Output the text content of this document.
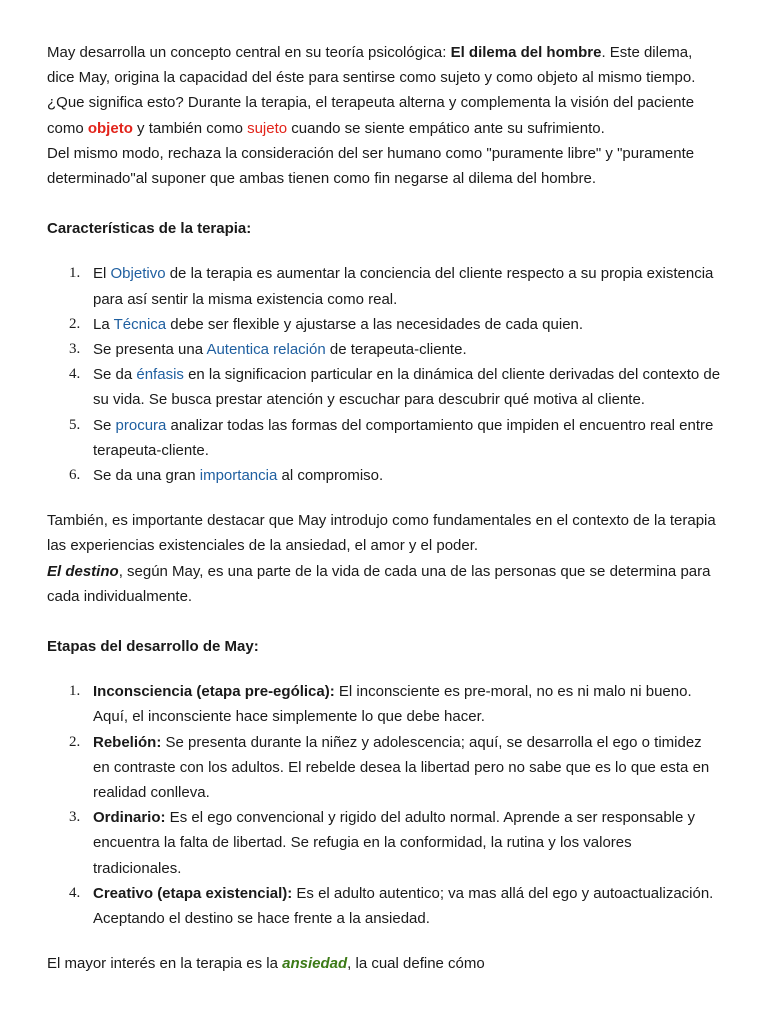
May desarrolla un concepto central en su teoría psicológica: El dilema del hombre. Este dilema, dice May, origina la capacidad del éste para sentirse como sujeto y como objeto al mismo tiempo. ¿Que significa esto? Durante la terapia, el terapeuta alterna y complementa la visión del paciente como objeto y también como sujeto cuando se siente empático ante su sufrimiento.
Del mismo modo, rechaza la consideración del ser humano como "puramente libre" y "puramente determinado"al suponer que ambas tienen como fin negarse al dilema del hombre.

Características de la terapia:
1. El Objetivo de la terapia es aumentar la conciencia del cliente respecto a su propia existencia para así sentir la misma existencia como real.
2. La Técnica debe ser flexible y ajustarse a las necesidades de cada quien.
3. Se presenta una Autentica relación de terapeuta-cliente.
4. Se da énfasis en la significacion particular en la dinámica del cliente derivadas del contexto de su vida. Se busca prestar atención y escuchar para descubrir qué motiva al cliente.
5. Se procura analizar todas las formas del comportamiento que impiden el encuentro real entre terapeuta-cliente.
6. Se da una gran importancia al compromiso.

También, es importante destacar que May introdujo como fundamentales en el contexto de la terapia las experiencias existenciales de la ansiedad, el amor y el poder.
El destino, según May, es una parte de la vida de cada una de las personas que se determina para cada individualmente.

Etapas del desarrollo de May:
1. Inconsciencia (etapa pre-ególica): El inconsciente es pre-moral, no es ni malo ni bueno. Aquí, el inconsciente hace simplemente lo que debe hacer.
2. Rebelión: Se presenta durante la niñez y adolescencia; aquí, se desarrolla el ego o timidez en contraste con los adultos. El rebelde desea la libertad pero no sabe que es lo que esta en realidad conlleva.
3. Ordinario: Es el ego convencional y rigido del adulto normal. Aprende a ser responsable y encuentra la falta de libertad. Se refugia en la conformidad, la rutina y los valores tradicionales.
4. Creativo (etapa existencial): Es el adulto autentico; va mas allá del ego y autoactualización. Aceptando el destino se hace frente a la ansiedad.

El mayor interés en la terapia es la ansiedad, la cual define cómo
